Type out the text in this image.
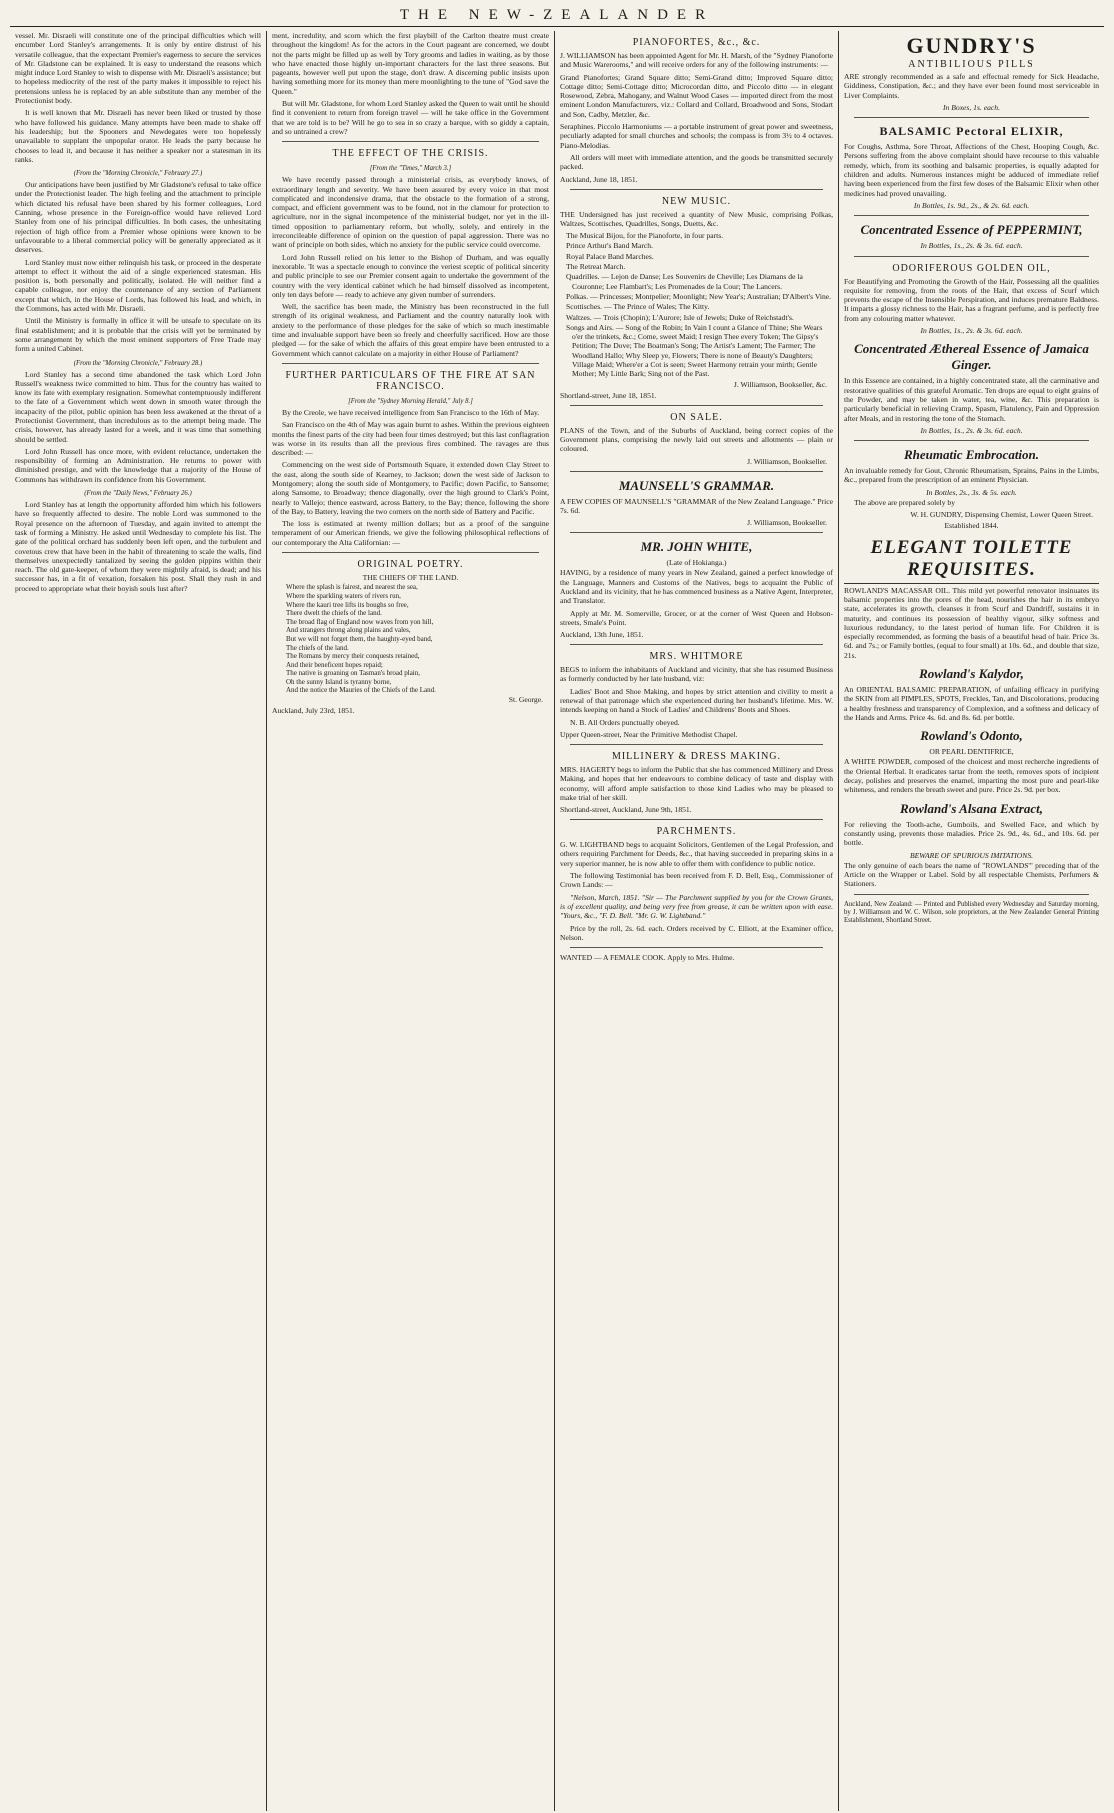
THE NEW-ZEALANDER

vessel. Mr. Disraeli will constitute one of the principal difficulties which will encumber Lord Stanley's arrangements. It is only by entire distrust of his versatile colleague, that the expectant Premier's eagerness to secure the services of Mr. Gladstone can be explained. It is easy to understand the reasons which might induce Lord Stanley to wish to dispense with Mr. Disraeli's assistance; but to hopeless mediocrity of the rest of the party makes it impossible to reject his pretensions unless he is replaced by an able substitute than any member of the Protectionist body.

It is well known that Mr. Disraeli has never been liked or trusted by those who have followed his guidance. Many attempts have been made to shake off his leadership; but the Spooners and Newdegates were too hopelessly unavailable to supplant the unpopular orator. He leads the party because he chooses to lead it, and because it has neither a speaker nor a statesman in its ranks.

(From the "Morning Chronicle," February 27.)

Our anticipations have been justified by Mr Gladstone's refusal to take office under the Protectionist leader. The high feeling and the attachment to principle which dictated his refusal have been shared by his former colleagues, Lord Canning, whose presence in the Foreign-office would have relieved Lord Stanley from one of his principal difficulties. In both cases, the unhesitating rejection of high office from a Premier whose opinions were known to be unfavourable to a liberal commercial policy will be generally appreciated as it deserves.

Lord Stanley must now either relinquish his task, or proceed in the desperate attempt to effect it without the aid of a single experienced statesman. His position is, both personally and politically, isolated. He will neither find a capable colleague, nor enjoy the countenance of any section of Parliament except that which, in the House of Lords, has followed his lead, and which, in the Commons, has acted with Mr. Disraeli.

Until the Ministry is formally in office it will be unsafe to speculate on its final establishment; and it is probable that the crisis will yet be terminated by some arrangement by which the most eminent supporters of Free Trade may form a united Cabinet.

(From the "Morning Chronicle," February 28.)

Lord Stanley has a second time abandoned the task which Lord John Russell's weakness twice committed to him. Thus for the country has waited to know its fate with exemplary resignation. Somewhat contemptuously indifferent to the fate of a Government which went down in smooth water through the incapacity of the pilot, public opinion has been less awakened at the threat of a Protectionist Government, than incredulous as to the attempt being made. The crisis, however, has already lasted for a week, and it was time that something should be settled.

Lord John Russell has once more, with evident reluctance, undertaken the responsibility of forming an Administration. He returns to power with diminished prestige, and with the knowledge that a majority of the House of Commons has withdrawn its confidence from his Government.

(From the "Daily News," February 26.)

Lord Stanley has at length the opportunity afforded him which his followers have so frequently affected to desire. The noble Lord was summoned to the Royal presence on the afternoon of Tuesday, and again invited to attempt the task of forming a Ministry. He asked until Wednesday to complete his list. The gate of the political orchard has suddenly been left open, and the turbulent and covetous crew that have been in the habit of threatening to scale the walls, find themselves unexpectedly tantalized by seeing the golden pippins within their reach. The old gate-keeper, of whom they were mightily afraid, is dead; and his successor has, in a fit of vexation, forsaken his post. Shall they rush in and proceed to appropriate what their boyish souls lust after?

ment, incredulity, and scorn which the first playbill of the Carlton theatre must create throughout the kingdom! As for the actors in the Court pageant are concerned, we doubt not the parts might be filled up as well by Tory grooms and ladies in waiting, as by those who have enacted those highly un-important characters for the last three seasons. But pageants, however well put upon the stage, don't draw. A discerning public insists upon having something more for its money than mere moonlighting to the tune of "God save the Queen."

But will Mr. Gladstone, for whom Lord Stanley asked the Queen to wait until he should find it convenient to return from foreign travel — will he take office in the Government that we are told is to be? Will he go to sea in so crazy a barque, with so giddy a captain, and so untrained a crew?

THE EFFECT OF THE CRISIS.
[From the "Times," March 3.]

We have recently passed through a ministerial crisis, as everybody knows, of extraordinary length and severity. We have been assured by every voice in that most complicated and incondensive drama, that the obstacle to the formation of a strong, compact, and efficient government was to be found, not in the clamour for protection to agriculture, nor in the signal incompetence of the ministerial budget, nor yet in the ill-timed opposition to parliamentary reform, but wholly, solely, and entirely in the irreconcileable difference of opinion on the question of papal aggression. There was no want of principle on both sides, which no anxiety for the public service could overcome.

Lord John Russell relied on his letter to the Bishop of Durham, and was equally inexorable. 'It was a spectacle enough to convince the veriest sceptic of political sincerity and public principle to see our Premier consent again to undertake the government of the country with the very identical cabinet which he had himself dissolved as incompetent, only ten days before — ready to achieve any given number of surrenders.

Well, the sacrifice has been made, the Ministry has been reconstructed in the full strength of its original weakness, and Parliament and the country naturally look with anxiety to the performance of those pledges for the sake of which so much inestimable time and invaluable support have been so freely and cheerfully sacrificed. How are those pledged — for the sake of which the affairs of this great empire have been entrusted to a Government which cannot calculate on a majority in either House of Parliament?

FURTHER PARTICULARS OF THE FIRE AT SAN FRANCISCO.
[From the "Sydney Morning Herald," July 8.]

By the Creole, we have received intelligence from San Francisco to the 16th of May.

San Francisco on the 4th of May was again burnt to ashes. Within the previous eighteen months the finest parts of the city had been four times destroyed; but this last conflagration was worse in its results than all the previous fires combined. The ravages are thus described: —

Commencing on the west side of Portsmouth Square, it extended down Clay Street to the east, along the south side of Kearney, to Jackson; down the west side of Jackson to Montgomery; along the south side of Montgomery, to Pacific; down Pacific, to Sansome; along Sansome, to Broadway; thence diagonally, over the high ground to Clark's Point, nearly to Vallejo; thence eastward, across Battery, to the Bay; thence, following the shore of the Bay, to Battery, leaving the two corners on the north side of Battery and Pacific.

The loss is estimated at twenty million dollars; but as a proof of the sanguine temperament of our American friends, we give the following philosophical reflections of our contemporary the Alta Californian: —

ORIGINAL POETRY.
THE CHIEFS OF THE LAND.
Where the splash is fairest, and nearest the sea,
Where the sparkling waters of rivers run,
Where the kauri tree lifts its boughs so free,
There dwelt the chiefs of the land.
The broad flag of England now waves from yon hill,
And strangers throng along plains and vales,
But we will not forget them, the haughty-eyed band,
The chiefs of the land.
The Romans by mercy their conquests retained,
And their beneficent hopes repaid;
The native is groaning on Tasman's broad plain,
Oh the sunny Island is tyranny borne,
And the notice the Mauries of the Chiefs of the Land.
St. George.
Auckland, July 23rd, 1851.
PIANOFORTES, &c., &c.

J. WILLIAMSON has been appointed Agent for Mr. H. Marsh, of the "Sydney Pianoforte and Music Warerooms," and will receive orders for any of the following instruments: —

Grand Pianofortes; Grand Square ditto; Semi-Grand ditto; Improved Square ditto; Cottage ditto; Semi-Cottage ditto; Microcordan ditto, and Piccolo ditto — in elegant Rosewood, Zebra, Mahogany, and Walnut Wood Cases — imported direct from the most eminent London Manufacturers, viz.: Collard and Collard, Broadwood and Sons, Stodart and Son, Cadby, Metzler, &c.

Seraphines. Piccolo Harmoniums — a portable instrument of great power and sweetness, peculiarly adapted for small churches and schools; the compass is from 3½ to 4 octaves. Piano-Melodias.

All orders will meet with immediate attention, and the goods be transmitted securely packed.

Auckland, June 18, 1851.
NEW MUSIC.

THE Undersigned has just received a quantity of New Music, comprising Polkas, Waltzes, Scottisches, Quadrilles, Songs, Duetts, &c.

The Musical Bijou, for the Pianoforte, in four parts.
Prince Arthur's Band March.
Royal Palace Band Marches.
The Retreat March.
Quadrilles. — Lejon de Danse; Les Souvenirs de Cheville; Les Diamans de la Couronne; Lee Flambart's; Les Promenades de la Cour; The Lancers.
Polkas. — Princesses; Montpelier; Moonlight; New Year's; Australian; D'Albert's Vine.
Scottisches. — The Prince of Wales; The Kitty.
Waltzes. — Trois (Chopin); L'Aurore; Isle of Jewels; Duke of Reichstadt's.
Songs and Airs. — Song of the Robin; In Vain I count a Glance of Thine; She Wears o'er the trinkets, &c.; Come, sweet Maid; I resign Thee every Token; The Gipsy's Petition; The Dove; The Boatman's Song; The Artist's Lament; The Farmer; The Woodland Hallo; Why Sleep ye, Flowers; There is none of Beauty's Daughters; Village Maid; Where'er a Cot is seen; Sweet Harmony retrain your mirth; Gentle Mother; My Little Bark; Sing not of the Past.
J. Williamson, Bookseller, &c.
Shortland-street, June 18, 1851.
ON SALE.

PLANS of the Town, and of the Suburbs of Auckland, being correct copies of the Government plans, comprising the newly laid out streets and allotments — plain or coloured.

J. Williamson, Bookseller.
MAUNSELL'S GRAMMAR.

A FEW COPIES OF MAUNSELL'S "GRAMMAR of the New Zealand Language." Price 7s. 6d.

J. Williamson, Bookseller.
MR. JOHN WHITE,
(Late of Hokianga.)

HAVING, by a residence of many years in New Zealand, gained a perfect knowledge of the Language, Manners and Customs of the Natives, begs to acquaint the Public of Auckland and its vicinity, that he has commenced business as a Native Agent, Interpreter, and Translator.

Apply at Mr. M. Somerville, Grocer, or at the corner of West Queen and Hobson-streets, Smale's Point.

Auckland, 13th June, 1851.
MRS. WHITMORE

BEGS to inform the inhabitants of Auckland and vicinity, that she has resumed Business as formerly conducted by her late husband, viz:

Ladies' Boot and Shoe Making, and hopes by strict attention and civility to merit a renewal of that patronage which she experienced during her husband's lifetime. Mrs. W. intends keeping on hand a Stock of Ladies' and Childrens' Boots and Shoes.

N. B. All Orders punctually obeyed.

Upper Queen-street, Near the Primitive Methodist Chapel.
MILLINERY & DRESS MAKING.

MRS. HAGERTY begs to inform the Public that she has commenced Millinery and Dress Making, and hopes that her endeavours to combine delicacy of taste and display with economy, will afford ample satisfaction to those kind Ladies who may be pleased to make trial of her skill.

Shortland-street, Auckland, June 9th, 1851.
PARCHMENTS.

G. W. LIGHTBAND begs to acquaint Solicitors, Gentlemen of the Legal Profession, and others requiring Parchment for Deeds, &c., that having succeeded in preparing skins in a very superior manner, he is now able to offer them with confidence to public notice.

The following Testimonial has been received from F. D. Bell, Esq., Commissioner of Crown Lands: —

"Nelson, March, 1851. "Sir — The Parchment supplied by you for the Crown Grants, is of excellent quality, and being very free from grease, it can be written upon with ease. "Yours, &c., "F. D. Bell. "Mr. G. W. Lightband."

Price by the roll, 2s. 6d. each. Orders received by C. Elliott, at the Examiner office, Nelson.

WANTED — A FEMALE COOK. Apply to Mrs. Hulme.

GUNDRY'S
ANTIBILIOUS PILLS

ARE strongly recommended as a safe and effectual remedy for Sick Headache, Giddiness, Constipation, &c.; and they have ever been found most serviceable in Liver Complaints.

In Boxes, 1s. each.
BALSAMIC Pectoral ELIXIR,

For Coughs, Asthma, Sore Throat, Affections of the Chest, Hooping Cough, &c. Persons suffering from the above complaint should have recourse to this valuable remedy, which, from its soothing and balsamic properties, is equally adapted for children and adults. Numerous instances might be adduced of immediate relief having been experienced from the first few doses of the Balsamic Elixir when other medicines had proved unavailing.

In Bottles, 1s. 9d., 2s., & 2s. 6d. each.
Concentrated Essence of PEPPERMINT,
In Bottles, 1s., 2s. & 3s. 6d. each.
ODORIFEROUS GOLDEN OIL,

For Beautifying and Promoting the Growth of the Hair, Possessing all the qualities requisite for removing, from the roots of the Hair, that excess of Scurf which prevents the escape of the Insensible Perspiration, and induces premature Baldness. It imparts a glossy richness to the Hair, has a fragrant perfume, and is perfectly free from any colouring matter whatever.

In Bottles, 1s., 2s. & 3s. 6d. each.
Concentrated Æthereal Essence of Jamaica Ginger.

In this Essence are contained, in a highly concentrated state, all the carminative and restorative qualities of this grateful Aromatic. Ten drops are equal to eight grains of the Powder, and may be taken in water, tea, wine, &c. This preparation is particularly beneficial in relieving Cramp, Spasm, Flatulency, Pain and Oppression after Meals, and in restoring the tone of the Stomach.

In Bottles, 1s., 2s. & 3s. 6d. each.
Rheumatic Embrocation.

An invaluable remedy for Gout, Chronic Rheumatism, Sprains, Pains in the Limbs, &c., prepared from the prescription of an eminent Physician.

In Bottles, 2s., 3s. & 5s. each.

The above are prepared solely by

W. H. GUNDRY, Dispensing Chemist, Lower Queen Street.
Established 1844.
ELEGANT TOILETTE REQUISITES.

ROWLAND'S MACASSAR OIL. This mild yet powerful renovator insinuates its balsamic properties into the pores of the head, nourishes the hair in its embryo state, accelerates its growth, cleanses it from Scurf and Dandriff, sustains it in maturity, and continues its possession of healthy vigour, silky softness and luxurious redundancy, to the latest period of human life. For Children it is especially recommended, as forming the basis of a beautiful head of hair. Price 3s. 6d. and 7s.; or Family bottles, (equal to four small) at 10s. 6d., and double that size, 21s.

Rowland's Kalydor,

An ORIENTAL BALSAMIC PREPARATION, of unfailing efficacy in purifying the SKIN from all PIMPLES, SPOTS, Freckles, Tan, and Discolorations, producing a healthy freshness and transparency of Complexion, and a softness and delicacy of the Hands and Arms. Price 4s. 6d. and 8s. 6d. per bottle.

Rowland's Odonto,
OR PEARL DENTIFRICE,

A WHITE POWDER, composed of the choicest and most recherche ingredients of the Oriental Herbal. It eradicates tartar from the teeth, removes spots of incipient decay, polishes and preserves the enamel, imparting the most pure and pearl-like whiteness, and renders the breath sweet and pure. Price 2s. 9d. per box.

Rowland's Alsana Extract,

For relieving the Tooth-ache, Gumboils, and Swelled Face, and which by constantly using, prevents those maladies. Price 2s. 9d., 4s. 6d., and 10s. 6d. per bottle.

BEWARE OF SPURIOUS IMITATIONS.

The only genuine of each bears the name of "ROWLANDS'" preceding that of the Article on the Wrapper or Label. Sold by all respectable Chemists, Perfumers & Stationers.

Auckland, New Zealand: — Printed and Published every Wednesday and Saturday morning, by J. Williamson and W. C. Wilson, sole proprietors, at the New Zealander General Printing Establishment, Shortland Street.
